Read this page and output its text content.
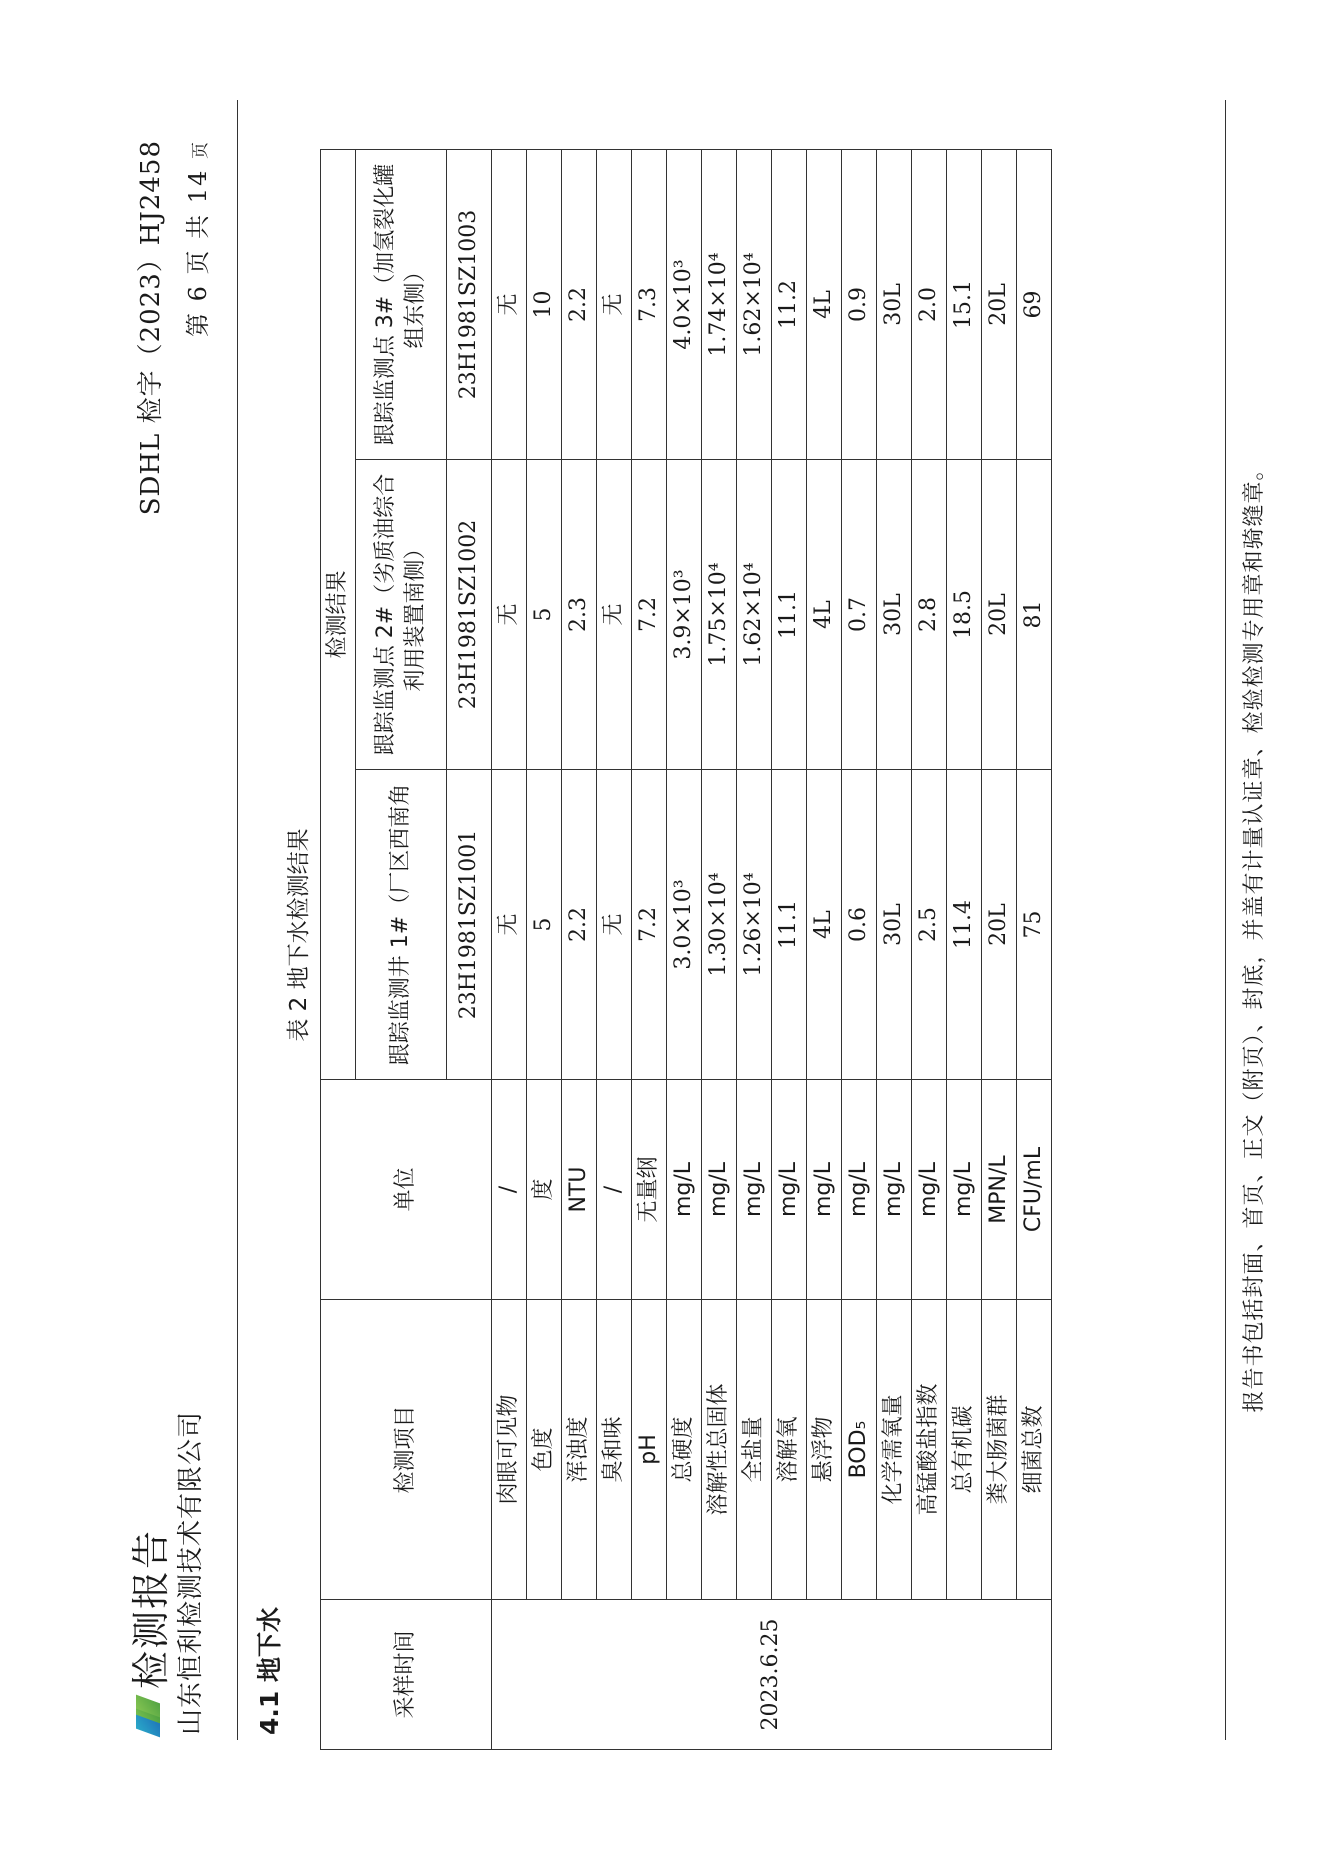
检测报告 山东恒利检测技术有限公司
SDHL 检字（2023）HJ2458 第 6 页 共 14 页
4.1 地下水
表 2 地下水检测结果
采样时间	检测项目	单位	检测结果		
			跟踪监测井 1#（厂区西南角	跟踪监测点 2#（劣质油综合利用装置南侧）	跟踪监测点 3#（加氢裂化罐组东侧）
			23H1981SZ1001	23H1981SZ1002	23H1981SZ1003
2023.6.25	肉眼可见物	/	无	无	无
	色度	度	5	5	10
	浑浊度	NTU	2.2	2.3	2.2
	臭和味	/	无	无	无
	pH	无量纲	7.2	7.2	7.3
	总硬度	mg/L	3.0×10³	3.9×10³	4.0×10³
	溶解性总固体	mg/L	1.30×10⁴	1.75×10⁴	1.74×10⁴
	全盐量	mg/L	1.26×10⁴	1.62×10⁴	1.62×10⁴
	溶解氧	mg/L	11.1	11.1	11.2
	悬浮物	mg/L	4L	4L	4L
	BOD₅	mg/L	0.6	0.7	0.9
	化学需氧量	mg/L	30L	30L	30L
	高锰酸盐指数	mg/L	2.5	2.8	2.0
	总有机碳	mg/L	11.4	18.5	15.1
	粪大肠菌群	MPN/L	20L	20L	20L
	细菌总数	CFU/mL	75	81	69
报告书包括封面、首页、正文（附页）、封底，并盖有计量认证章、检验检测专用章和骑缝章。
